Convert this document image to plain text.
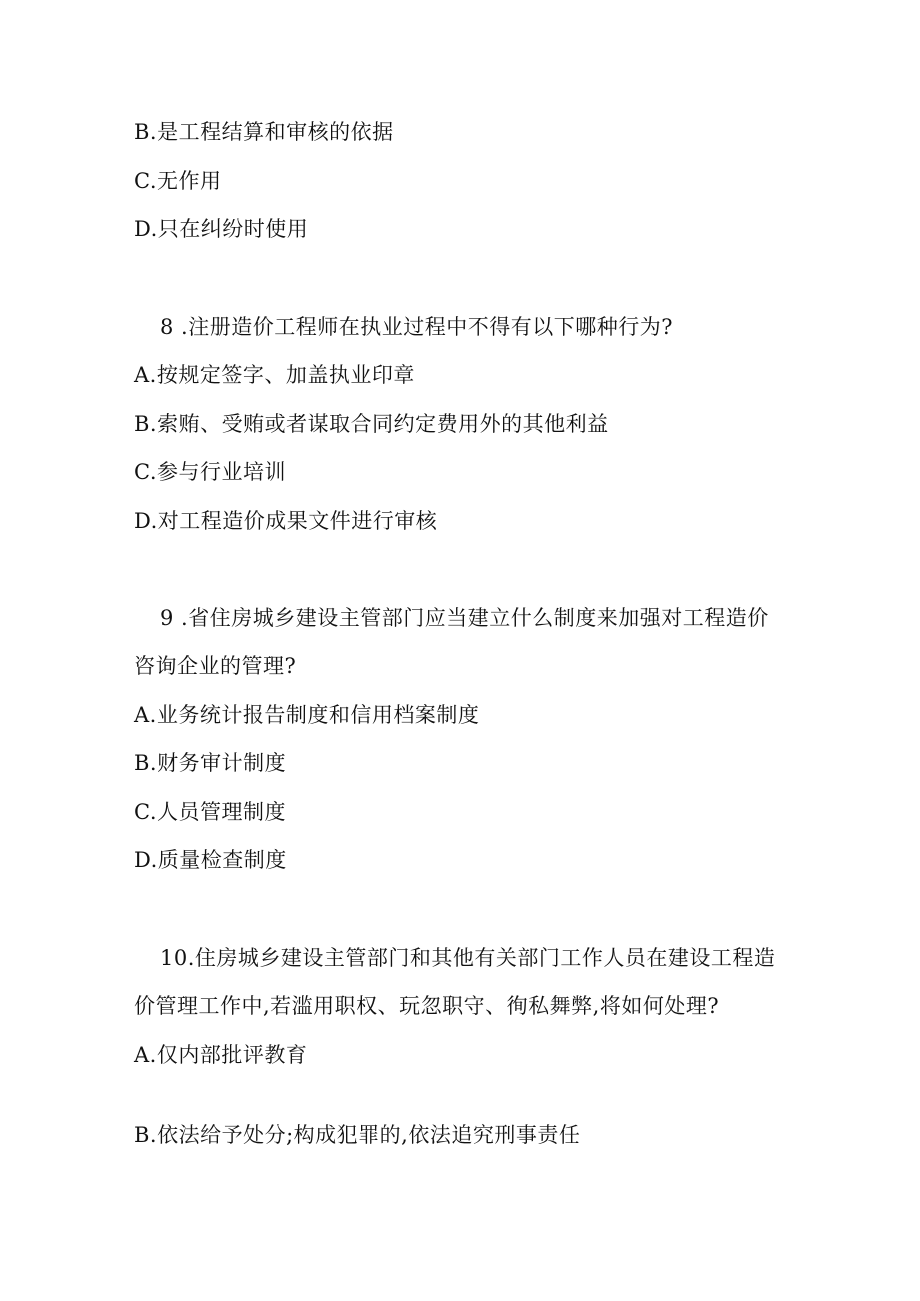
B.是工程结算和审核的依据
C.无作用
D.只在纠纷时使用
8 .注册造价工程师在执业过程中不得有以下哪种行为?
A.按规定签字、加盖执业印章
B.索贿、受贿或者谋取合同约定费用外的其他利益
C.参与行业培训
D.对工程造价成果文件进行审核
9 .省住房城乡建设主管部门应当建立什么制度来加强对工程造价
咨询企业的管理?
A.业务统计报告制度和信用档案制度
B.财务审计制度
C.人员管理制度
D.质量检查制度
10.住房城乡建设主管部门和其他有关部门工作人员在建设工程造
价管理工作中,若滥用职权、玩忽职守、徇私舞弊,将如何处理?
A.仅内部批评教育
B.依法给予处分;构成犯罪的,依法追究刑事责任
